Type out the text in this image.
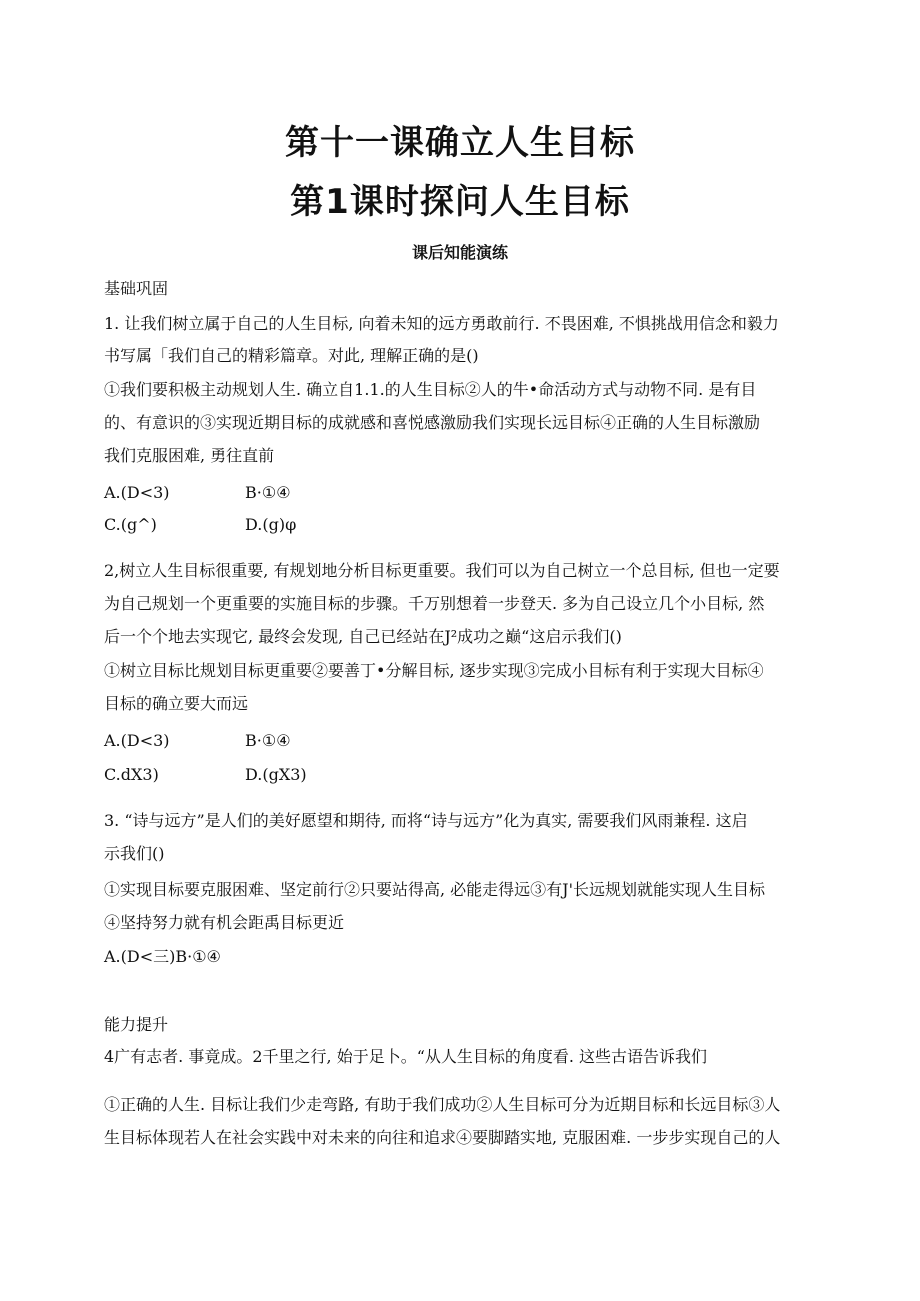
第十一课确立人生目标
第1课时探问人生目标
课后知能演练
基础巩固
1. 让我们树立属于自己的人生目标, 向着未知的远方勇敢前行. 不畏困难, 不惧挑战用信念和毅力
书写属「我们自己的精彩篇章。对此, 理解正确的是()
①我们要积极主动规划人生. 确立自1.1.的人生目标②人的牛•命活动方式与动物不同. 是有目
的、有意识的③实现近期目标的成就感和喜悦感激励我们实现长远目标④正确的人生目标激励
我们克服困难, 勇往直前
A.(D<3)	B·①④
C.(g^)	D.(g)φ
2,树立人生目标很重要, 有规划地分析目标更重要。我们可以为自己树立一个总目标, 但也一定要
为自己规划一个更重要的实施目标的步骤。千万别想着一步登天. 多为自己设立几个小目标, 然
后一个个地去实现它, 最终会发现, 自己已经站在J²成功之巅“这启示我们()
①树立目标比规划目标更重要②要善丁•分解目标, 逐步实现③完成小目标有利于实现大目标④
目标的确立要大而远
A.(D<3)	B·①④
C.dX3)	D.(gX3)
3. “诗与远方”是人们的美好愿望和期待, 而将“诗与远方”化为真实, 需要我们风雨兼程. 这启
示我们()
①实现目标要克服困难、坚定前行②只要站得高, 必能走得远③有J'长远规划就能实现人生目标
④坚持努力就有机会距禹目标更近
A.(D<三)B·①④
能力提升
4广有志者. 事竟成。2千里之行, 始于足卜。“从人生目标的角度看. 这些古语告诉我们
①正确的人生. 目标让我们少走弯路, 有助于我们成功②人生目标可分为近期目标和长远目标③人
生目标体现若人在社会实践中对未来的向往和追求④要脚踏实地, 克服困难. 一步步实现自己的人
